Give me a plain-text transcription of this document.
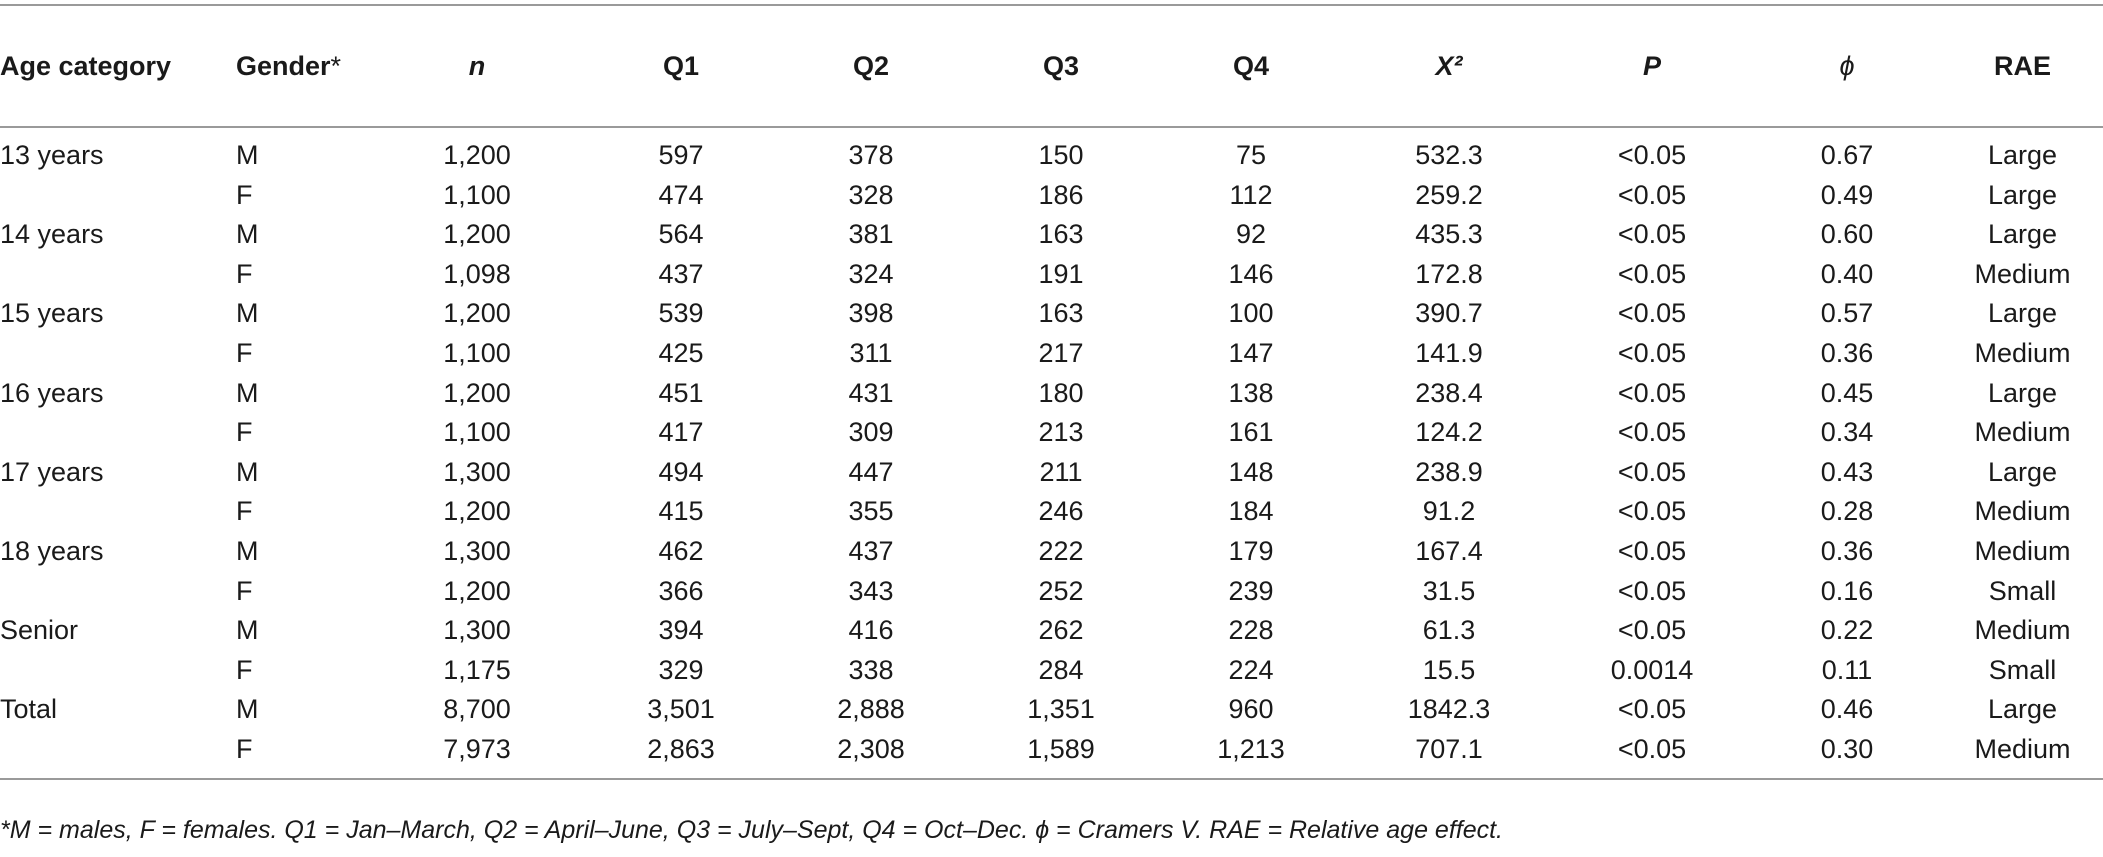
Age category	Gender*	n	Q1	Q2	Q3	Q4	X²	P	ϕ	RAE
13 years	M	1,200	597	378	150	75	532.3	<0.05	0.67	Large
	F	1,100	474	328	186	112	259.2	<0.05	0.49	Large
14 years	M	1,200	564	381	163	92	435.3	<0.05	0.60	Large
	F	1,098	437	324	191	146	172.8	<0.05	0.40	Medium
15 years	M	1,200	539	398	163	100	390.7	<0.05	0.57	Large
	F	1,100	425	311	217	147	141.9	<0.05	0.36	Medium
16 years	M	1,200	451	431	180	138	238.4	<0.05	0.45	Large
	F	1,100	417	309	213	161	124.2	<0.05	0.34	Medium
17 years	M	1,300	494	447	211	148	238.9	<0.05	0.43	Large
	F	1,200	415	355	246	184	91.2	<0.05	0.28	Medium
18 years	M	1,300	462	437	222	179	167.4	<0.05	0.36	Medium
	F	1,200	366	343	252	239	31.5	<0.05	0.16	Small
Senior	M	1,300	394	416	262	228	61.3	<0.05	0.22	Medium
	F	1,175	329	338	284	224	15.5	0.0014	0.11	Small
Total	M	8,700	3,501	2,888	1,351	960	1842.3	<0.05	0.46	Large
	F	7,973	2,863	2,308	1,589	1,213	707.1	<0.05	0.30	Medium
*M = males, F = females. Q1 = Jan–March, Q2 = April–June, Q3 = July–Sept, Q4 = Oct–Dec. ϕ = Cramers V. RAE = Relative age effect.
